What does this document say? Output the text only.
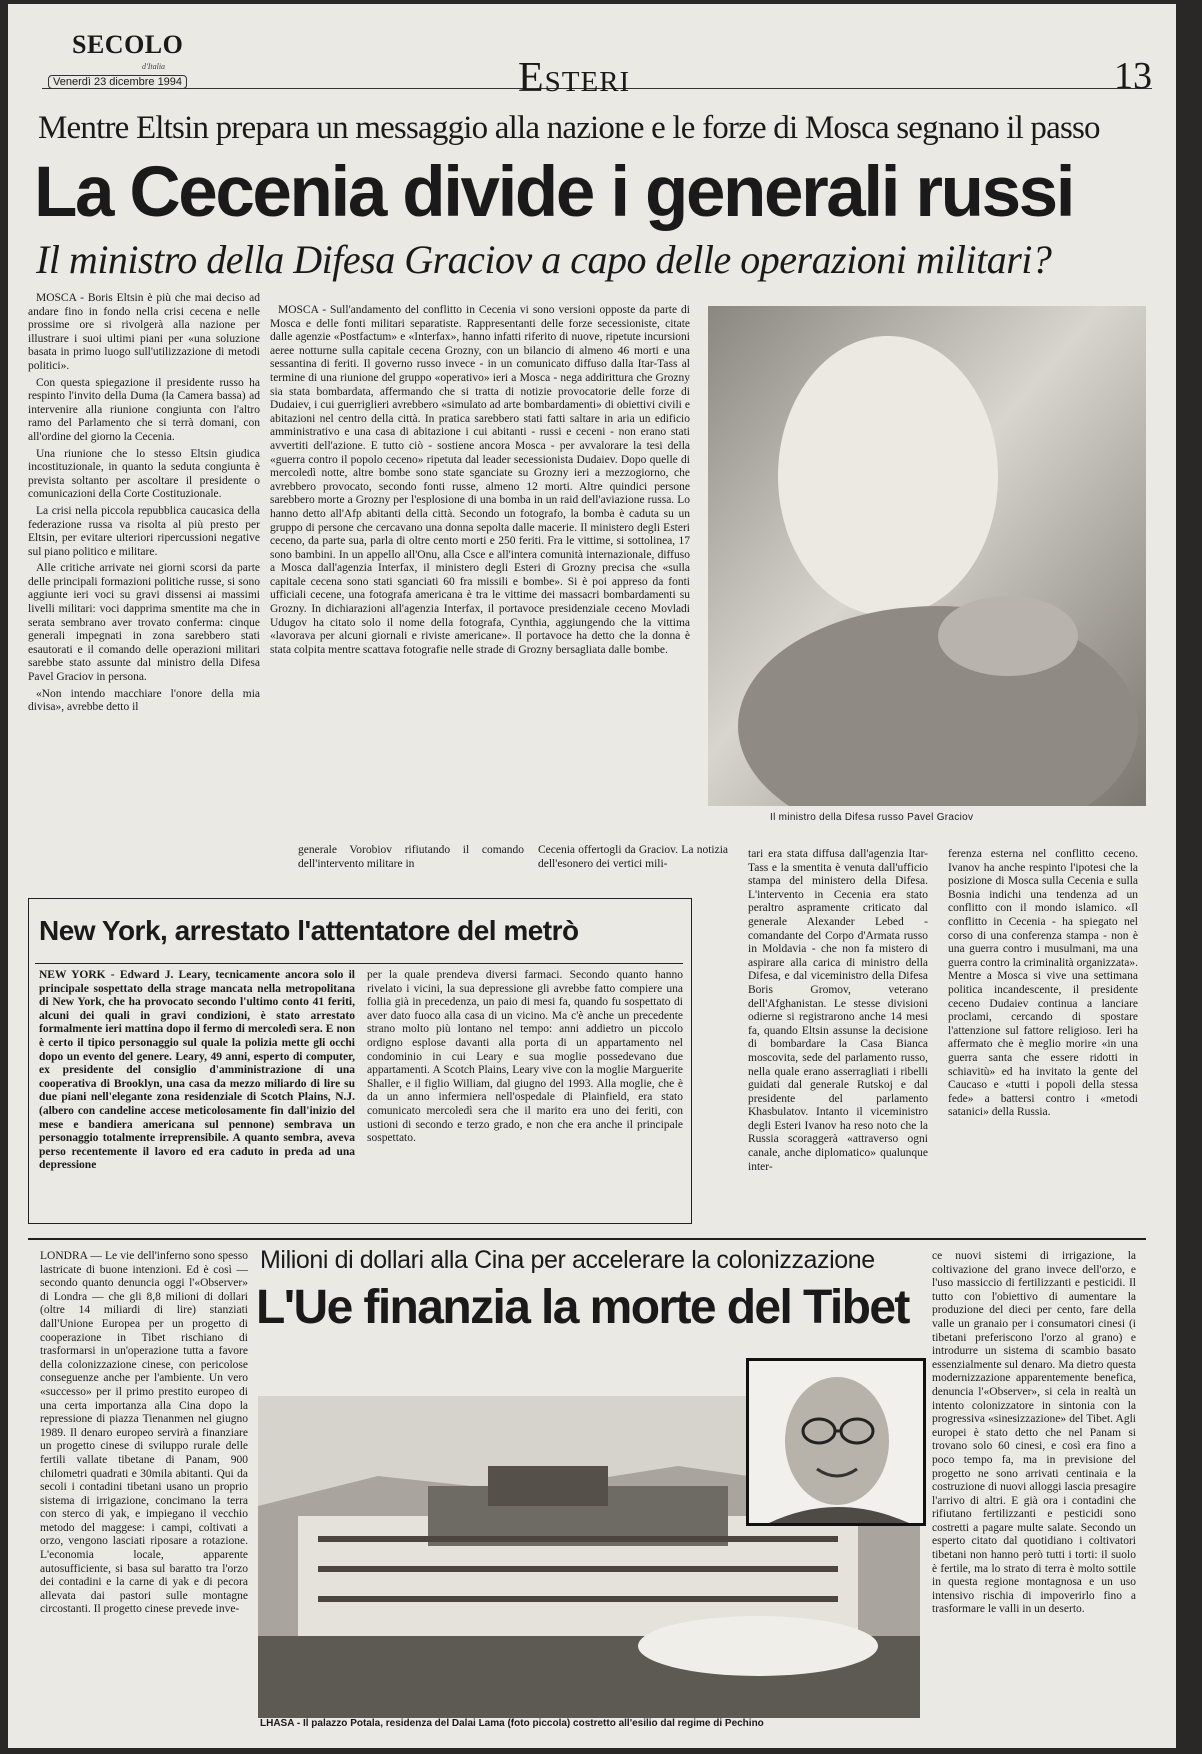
SECOLO
d'Italia
Venerdì 23 dicembre 1994	Esteri	13
Mentre Eltsin prepara un messaggio alla nazione e le forze di Mosca segnano il passo
La Cecenia divide i generali russi
Il ministro della Difesa Graciov a capo delle operazioni militari?

MOSCA - Boris Eltsin è più che mai deciso ad andare fino in fondo nella crisi cecena e nelle prossime ore si rivolgerà alla nazione per illustrare i suoi ultimi piani per «una soluzione basata in primo luogo sull'utilizzazione di metodi politici».

Con questa spiegazione il presidente russo ha respinto l'invito della Duma (la Camera bassa) ad intervenire alla riunione congiunta con l'altro ramo del Parlamento che si terrà domani, con all'ordine del giorno la Cecenia.

Una riunione che lo stesso Eltsin giudica incostituzionale, in quanto la seduta congiunta è prevista soltanto per ascoltare il presidente o comunicazioni della Corte Costituzionale.

La crisi nella piccola repubblica caucasica della federazione russa va risolta al più presto per Eltsin, per evitare ulteriori ripercussioni negative sul piano politico e militare.

Alle critiche arrivate nei giorni scorsi da parte delle principali formazioni politiche russe, si sono aggiunte ieri voci su gravi dissensi ai massimi livelli militari: voci dapprima smentite ma che in serata sembrano aver trovato conferma: cinque generali impegnati in zona sarebbero stati esautorati e il comando delle operazioni militari sarebbe stato assunte dal ministro della Difesa Pavel Graciov in persona.

«Non intendo macchiare l'onore della mia divisa», avrebbe detto il

MOSCA - Sull'andamento del conflitto in Cecenia vi sono versioni opposte da parte di Mosca e delle fonti militari separatiste. Rappresentanti delle forze secessioniste, citate dalle agenzie «Postfactum» e «Interfax», hanno infatti riferito di nuove, ripetute incursioni aeree notturne sulla capitale cecena Grozny, con un bilancio di almeno 46 morti e una sessantina di feriti. Il governo russo invece - in un comunicato diffuso dalla Itar-Tass al termine di una riunione del gruppo «operativo» ieri a Mosca - nega addirittura che Grozny sia stata bombardata, affermando che si tratta di notizie provocatorie delle forze di Dudaiev, i cui guerriglieri avrebbero «simulato ad arte bombardamenti» di obiettivi civili e abitazioni nel centro della città. In pratica sarebbero stati fatti saltare in aria un edificio amministrativo e una casa di abitazione i cui abitanti - russi e ceceni - non erano stati avvertiti dell'azione. E tutto ciò - sostiene ancora Mosca - per avvalorare la tesi della «guerra contro il popolo ceceno» ripetuta dal leader secessionista Dudaiev. Dopo quelle di mercoledì notte, altre bombe sono state sganciate su Grozny ieri a mezzogiorno, che avrebbero provocato, secondo fonti russe, almeno 12 morti. Altre quindici persone sarebbero morte a Grozny per l'esplosione di una bomba in un raid dell'aviazione russa. Lo hanno detto all'Afp abitanti della città. Secondo un fotografo, la bomba è caduta su un gruppo di persone che cercavano una donna sepolta dalle macerie. Il ministero degli Esteri ceceno, da parte sua, parla di oltre cento morti e 250 feriti. Fra le vittime, si sottolinea, 17 sono bambini. In un appello all'Onu, alla Csce e all'intera comunità internazionale, diffuso a Mosca dall'agenzia Interfax, il ministero degli Esteri di Grozny precisa che «sulla capitale cecena sono stati sganciati 60 fra missili e bombe». Si è poi appreso da fonti ufficiali cecene, una fotografa americana è tra le vittime dei massacri bombardamenti su Grozny. In dichiarazioni all'agenzia Interfax, il portavoce presidenziale ceceno Movladi Udugov ha citato solo il nome della fotografa, Cynthia, aggiungendo che la vittima «lavorava per alcuni giornali e riviste americane». Il portavoce ha detto che la donna è stata colpita mentre scattava fotografie nelle strade di Grozny bersagliata dalle bombe.

generale Vorobiov rifiutando il comando dell'intervento militare in
Cecenia offertogli da Graciov. La notizia dell'esonero dei vertici mili-
Il ministro della Difesa russo Pavel Graciov
tari era stata diffusa dall'agenzia Itar-Tass e la smentita è venuta dall'ufficio stampa del ministero della Difesa. L'intervento in Cecenia era stato peraltro aspramente criticato dal generale Alexander Lebed - comandante del Corpo d'Armata russo in Moldavia - che non fa mistero di aspirare alla carica di ministro della Difesa, e dal viceministro della Difesa Boris Gromov, veterano dell'Afghanistan. Le stesse divisioni odierne si registrarono anche 14 mesi fa, quando Eltsin assunse la decisione di bombardare la Casa Bianca moscovita, sede del parlamento russo, nella quale erano asserragliati i ribelli guidati dal generale Rutskoj e dal presidente del parlamento Khasbulatov. Intanto il viceministro degli Esteri Ivanov ha reso noto che la Russia scoraggerà «attraverso ogni canale, anche diplomatico» qualunque inter-
ferenza esterna nel conflitto ceceno. Ivanov ha anche respinto l'ipotesi che la posizione di Mosca sulla Cecenia e sulla Bosnia indichi una tendenza ad un conflitto con il mondo islamico. «Il conflitto in Cecenia - ha spiegato nel corso di una conferenza stampa - non è una guerra contro i musulmani, ma una guerra contro la criminalità organizzata». Mentre a Mosca si vive una settimana politica incandescente, il presidente ceceno Dudaiev continua a lanciare proclami, cercando di spostare l'attenzione sul fattore religioso. Ieri ha affermato che è meglio morire «in una guerra santa che essere ridotti in schiavitù» ed ha invitato la gente del Caucaso e «tutti i popoli della stessa fede» a battersi contro i «metodi satanici» della Russia.
New York, arrestato l'attentatore del metrò
NEW YORK - Edward J. Leary, tecnicamente ancora solo il principale sospettato della strage mancata nella metropolitana di New York, che ha provocato secondo l'ultimo conto 41 feriti, alcuni dei quali in gravi condizioni, è stato arrestato formalmente ieri mattina dopo il fermo di mercoledì sera. E non è certo il tipico personaggio sul quale la polizia mette gli occhi dopo un evento del genere. Leary, 49 anni, esperto di computer, ex presidente del consiglio d'amministrazione di una cooperativa di Brooklyn, una casa da mezzo miliardo di lire su due piani nell'elegante zona residenziale di Scotch Plains, N.J. (albero con candeline accese meticolosamente fin dall'inizio del mese e bandiera americana sul pennone) sembrava un personaggio totalmente irreprensibile. A quanto sembra, aveva perso recentemente il lavoro ed era caduto in preda ad una depressione
per la quale prendeva diversi farmaci. Secondo quanto hanno rivelato i vicini, la sua depressione gli avrebbe fatto compiere una follia già in precedenza, un paio di mesi fa, quando fu sospettato di aver dato fuoco alla casa di un vicino. Ma c'è anche un precedente strano molto più lontano nel tempo: anni addietro un piccolo ordigno esplose davanti alla porta di un appartamento nel condominio in cui Leary e sua moglie possedevano due appartamenti. A Scotch Plains, Leary vive con la moglie Marguerite Shaller, e il figlio William, dal giugno del 1993. Alla moglie, che è da un anno infermiera nell'ospedale di Plainfield, era stato comunicato mercoledì sera che il marito era uno dei feriti, con ustioni di secondo e terzo grado, e non che era anche il principale sospettato.
LONDRA — Le vie dell'inferno sono spesso lastricate di buone intenzioni. Ed è così — secondo quanto denuncia oggi l'«Observer» di Londra — che gli 8,8 milioni di dollari (oltre 14 miliardi di lire) stanziati dall'Unione Europea per un progetto di cooperazione in Tibet rischiano di trasformarsi in un'operazione tutta a favore della colonizzazione cinese, con pericolose conseguenze anche per l'ambiente. Un vero «successo» per il primo prestito europeo di una certa importanza alla Cina dopo la repressione di piazza Tienanmen nel giugno 1989. Il denaro europeo servirà a finanziare un progetto cinese di sviluppo rurale delle fertili vallate tibetane di Panam, 900 chilometri quadrati e 30mila abitanti. Qui da secoli i contadini tibetani usano un proprio sistema di irrigazione, concimano la terra con sterco di yak, e impiegano il vecchio metodo del maggese: i campi, coltivati a orzo, vengono lasciati riposare a rotazione. L'economia locale, apparente autosufficiente, si basa sul baratto tra l'orzo dei contadini e la carne di yak e di pecora allevata dai pastori sulle montagne circostanti. Il progetto cinese prevede inve-
Milioni di dollari alla Cina per accelerare la colonizzazione
L'Ue finanzia la morte del Tibet
LHASA - Il palazzo Potala, residenza del Dalai Lama (foto piccola) costretto all'esilio dal regime di Pechino
ce nuovi sistemi di irrigazione, la coltivazione del grano invece dell'orzo, e l'uso massiccio di fertilizzanti e pesticidi. Il tutto con l'obiettivo di aumentare la produzione del dieci per cento, fare della valle un granaio per i consumatori cinesi (i tibetani preferiscono l'orzo al grano) e introdurre un sistema di scambio basato essenzialmente sul denaro. Ma dietro questa modernizzazione apparentemente benefica, denuncia l'«Observer», si cela in realtà un intento colonizzatore in sintonia con la progressiva «sinesizzazione» del Tibet. Agli europei è stato detto che nel Panam si trovano solo 60 cinesi, e così era fino a poco tempo fa, ma in previsione del progetto ne sono arrivati centinaia e la costruzione di nuovi alloggi lascia presagire l'arrivo di altri. E già ora i contadini che rifiutano fertilizzanti e pesticidi sono costretti a pagare multe salate. Secondo un esperto citato dal quotidiano i coltivatori tibetani non hanno però tutti i torti: il suolo è fertile, ma lo strato di terra è molto sottile in questa regione montagnosa e un uso intensivo rischia di impoverirlo fino a trasformare le valli in un deserto.
